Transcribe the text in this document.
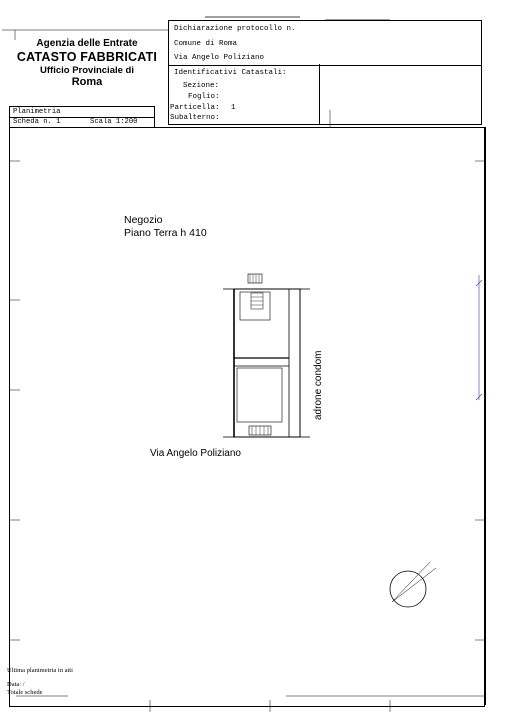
Agenzia delle Entrate
CATASTO FABBRICATI
Ufficio Provinciale di
Roma
Dichiarazione protocollo n.
Comune di Roma
Via Angelo Poliziano
Identificativi Catastali:
Sezione:
Foglio:
Particella: 1
Subalterno:
Planimetria
Scheda n. 1	Scala 1:200
Negozio
Piano Terra h 410
Via Angelo Poliziano
adrone condom
Ultima planimetria in atti
Data: /
Totale schede
